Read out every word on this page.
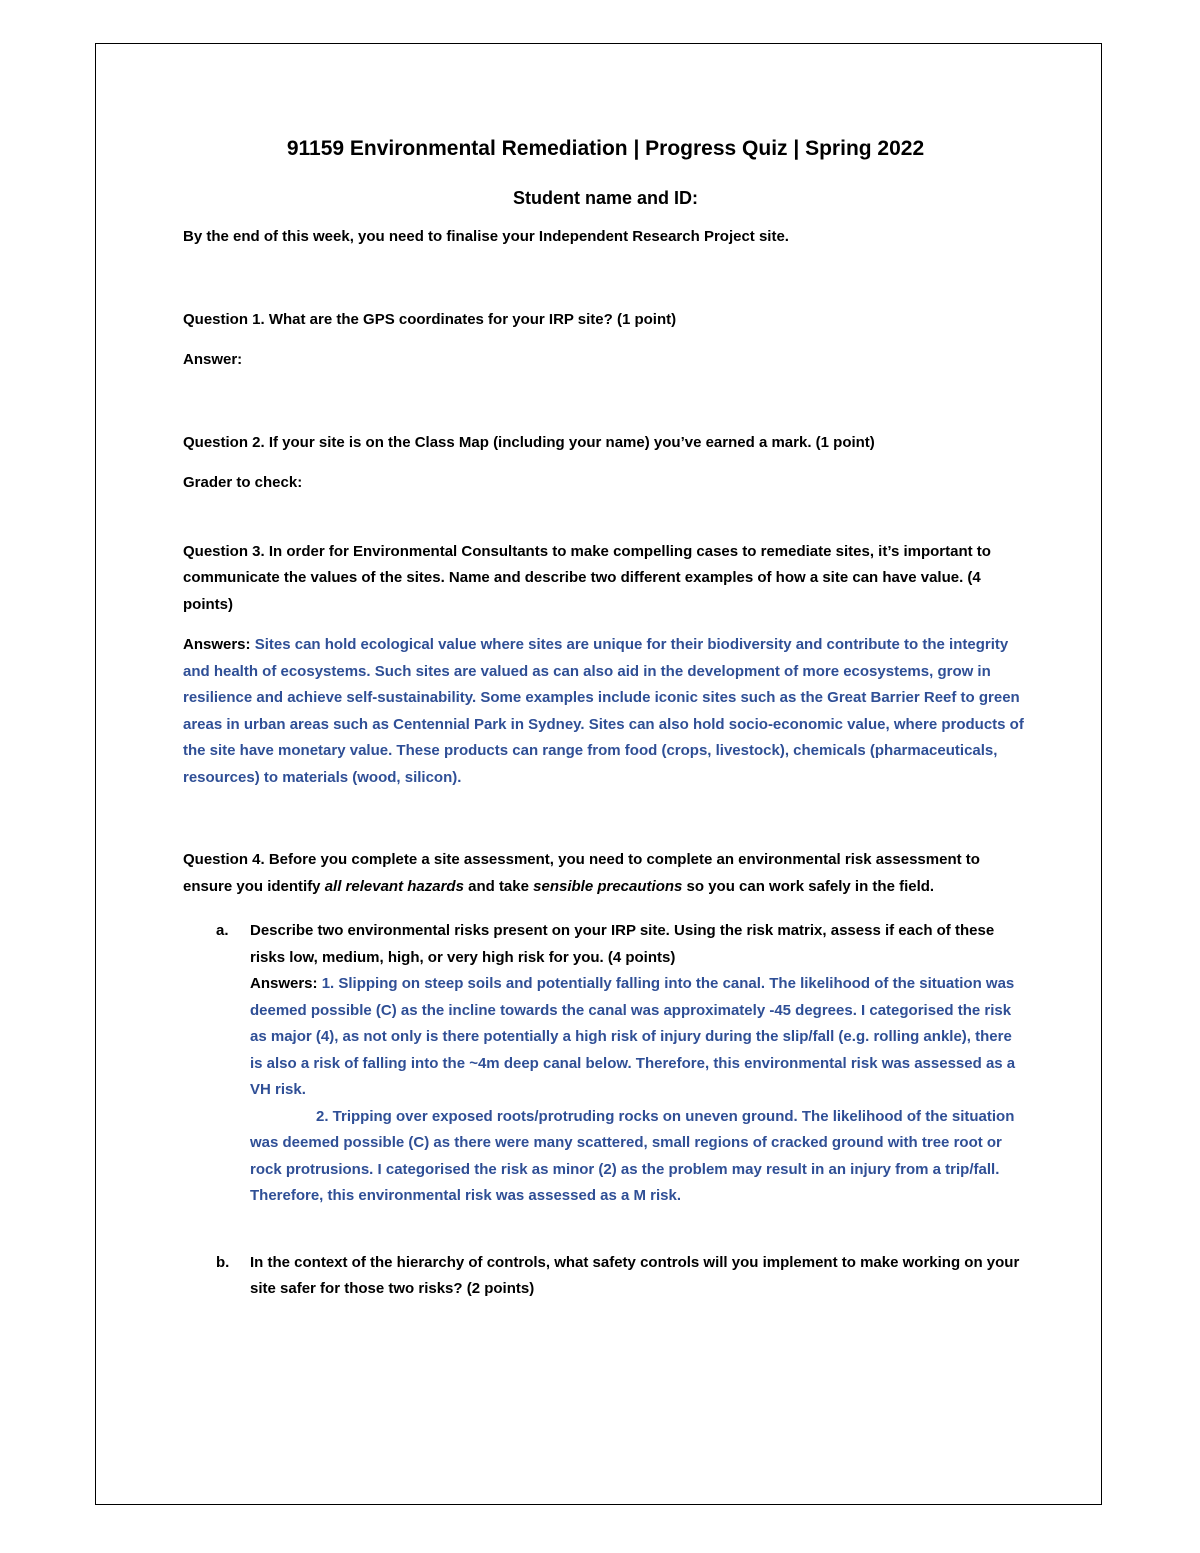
91159 Environmental Remediation | Progress Quiz | Spring 2022

Student name and ID:

By the end of this week, you need to finalise your Independent Research Project site.

Question 1. What are the GPS coordinates for your IRP site? (1 point)

Answer:

Question 2. If your site is on the Class Map (including your name) you’ve earned a mark. (1 point)

Grader to check:

Question 3. In order for Environmental Consultants to make compelling cases to remediate sites, it’s important to communicate the values of the sites. Name and describe two different examples of how a site can have value. (4 points)

Answers: Sites can hold ecological value where sites are unique for their biodiversity and contribute to the integrity and health of ecosystems. Such sites are valued as can also aid in the development of more ecosystems, grow in resilience and achieve self-sustainability. Some examples include iconic sites such as the Great Barrier Reef to green areas in urban areas such as Centennial Park in Sydney. Sites can also hold socio-economic value, where products of the site have monetary value. These products can range from food (crops, livestock), chemicals (pharmaceuticals, resources) to materials (wood, silicon).

Question 4. Before you complete a site assessment, you need to complete an environmental risk assessment to ensure you identify all relevant hazards and take sensible precautions so you can work safely in the field.

a. Describe two environmental risks present on your IRP site. Using the risk matrix, assess if each of these risks low, medium, high, or very high risk for you. (4 points)

Answers: 1. Slipping on steep soils and potentially falling into the canal. The likelihood of the situation was deemed possible (C) as the incline towards the canal was approximately -45 degrees. I categorised the risk as major (4), as not only is there potentially a high risk of injury during the slip/fall (e.g. rolling ankle), there is also a risk of falling into the ~4m deep canal below. Therefore, this environmental risk was assessed as a VH risk.

2. Tripping over exposed roots/protruding rocks on uneven ground. The likelihood of the situation was deemed possible (C) as there were many scattered, small regions of cracked ground with tree root or rock protrusions. I categorised the risk as minor (2) as the problem may result in an injury from a trip/fall. Therefore, this environmental risk was assessed as a M risk.

b. In the context of the hierarchy of controls, what safety controls will you implement to make working on your site safer for those two risks? (2 points)
